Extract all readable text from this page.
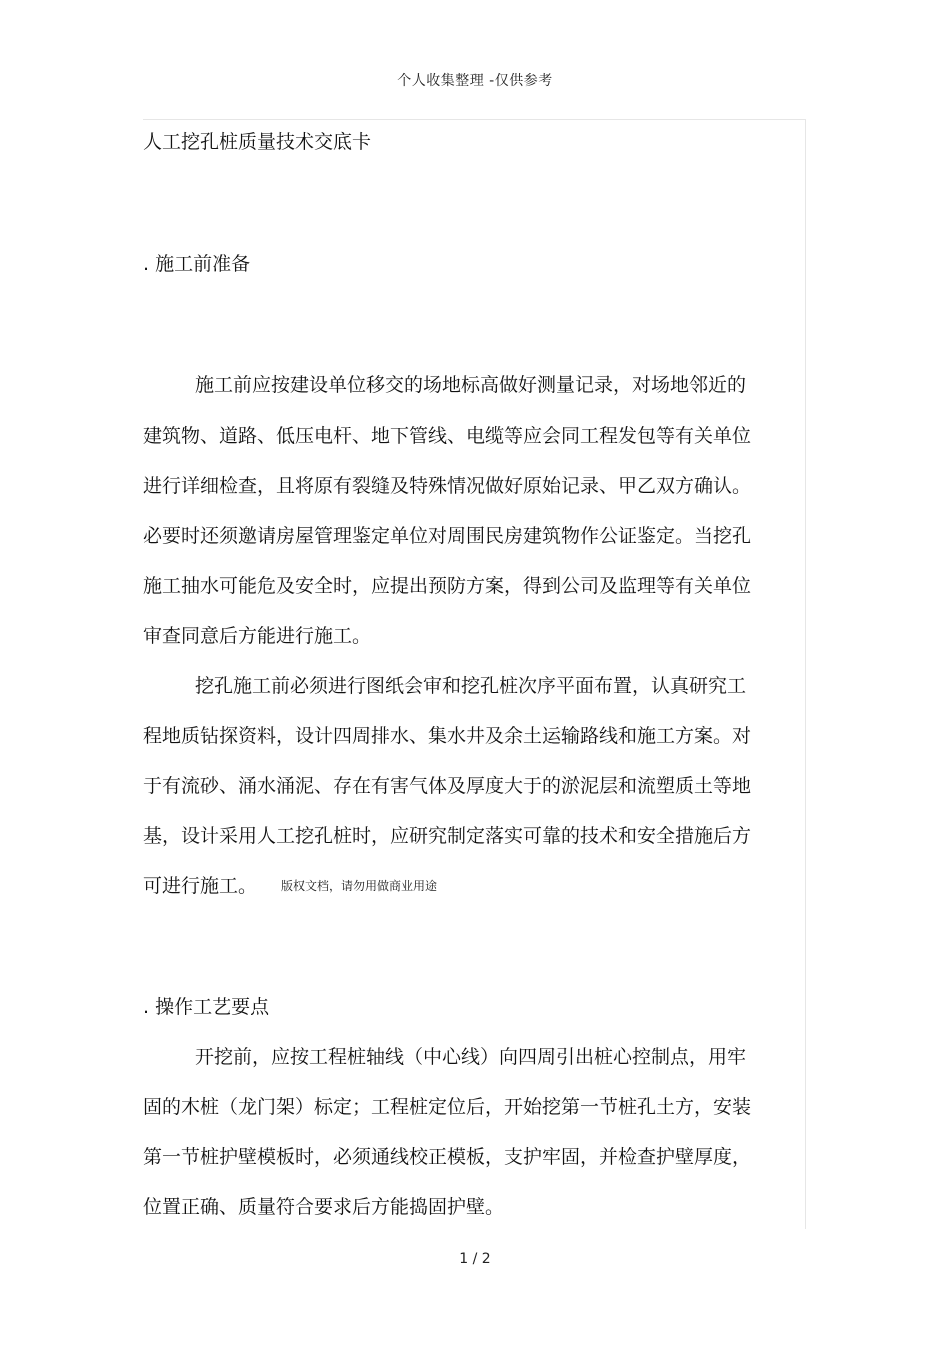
个人收集整理 -仅供参考
人工挖孔桩质量技术交底卡
. 施工前准备
施工前应按建设单位移交的场地标高做好测量记录，对场地邻近的
建筑物、道路、低压电杆、地下管线、电缆等应会同工程发包等有关单位
进行详细检查，且将原有裂缝及特殊情况做好原始记录、甲乙双方确认。
必要时还须邀请房屋管理鉴定单位对周围民房建筑物作公证鉴定。当挖孔
施工抽水可能危及安全时，应提出预防方案，得到公司及监理等有关单位
审查同意后方能进行施工。
挖孔施工前必须进行图纸会审和挖孔桩次序平面布置，认真研究工
程地质钻探资料，设计四周排水、集水井及余土运输路线和施工方案。对
于有流砂、涌水涌泥、存在有害气体及厚度大于的淤泥层和流塑质土等地
基，设计采用人工挖孔桩时，应研究制定落实可靠的技术和安全措施后方
可进行施工。 版权文档，请勿用做商业用途
. 操作工艺要点
开挖前，应按工程桩轴线（中心线）向四周引出桩心控制点，用牢
固的木桩（龙门架）标定；工程桩定位后，开始挖第一节桩孔土方，安装
第一节桩护壁模板时，必须通线校正模板，支护牢固，并检查护壁厚度，
位置正确、质量符合要求后方能捣固护壁。
1 / 2
